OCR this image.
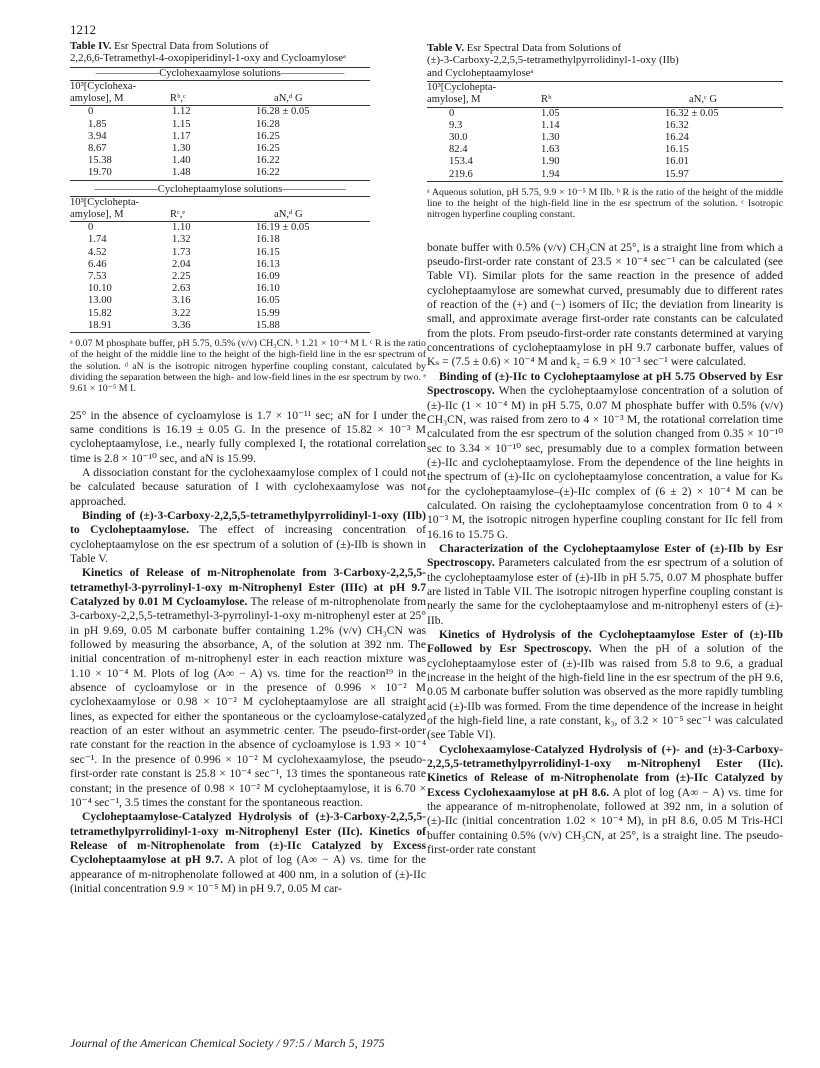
1212
Table IV. Esr Spectral Data from Solutions of
2,2,6,6-Tetramethyl-4-oxopiperidinyl-1-oxy and Cycloamyloseᵃ

——————Cyclohexaamylose solutions——————		
10³[Cyclohexa-
amylose], M	Rᵇ,ᶜ	aN,ᵈ G

0	1.12	16.28 ± 0.05
1.85	1.15	16.28
3.94	1.17	16.25
8.67	1.30	16.25
15.38	1.40	16.22
19.70	1.48	16.22

——————Cycloheptaamylose solutions——————		
10³[Cyclohepta-
amylose], M	Rᶜ,ᵉ	aN,ᵈ G

0	1.10	16.19 ± 0.05
1.74	1.32	16.18
4.52	1.73	16.15
6.46	2.04	16.13
7.53	2.25	16.09
10.10	2.63	16.10
13.00	3.16	16.05
15.82	3.22	15.99
18.91	3.36	15.88

ᵃ 0.07 M phosphate buffer, pH 5.75, 0.5% (v/v) CH₃CN. ᵇ 1.21 × 10⁻⁴ M I. ᶜ R is the ratio of the height of the middle line to the height of the high-field line in the esr spectrum of the solution. ᵈ aN is the isotropic nitrogen hyperfine coupling constant, calculated by dividing the separation between the high- and low-field lines in the esr spectrum by two. ᵉ 9.61 × 10⁻⁵ M I.

25° in the absence of cycloamylose is 1.7 × 10⁻¹¹ sec; aN for I under the same conditions is 16.19 ± 0.05 G. In the presence of 15.82 × 10⁻³ M cycloheptaamylose, i.e., nearly fully complexed I, the rotational correlation time is 2.8 × 10⁻¹⁰ sec, and aN is 15.99.

A dissociation constant for the cyclohexaamylose complex of I could not be calculated because saturation of I with cyclohexaamylose was not approached.

Binding of (±)-3-Carboxy-2,2,5,5-tetramethylpyrrolidinyl-1-oxy (IIb) to Cycloheptaamylose. The effect of increasing concentration of cycloheptaamylose on the esr spectrum of a solution of (±)-IIb is shown in Table V.

Kinetics of Release of m-Nitrophenolate from 3-Carboxy-2,2,5,5-tetramethyl-3-pyrrolinyl-1-oxy m-Nitrophenyl Ester (IIIc) at pH 9.7 Catalyzed by 0.01 M Cycloamylose. The release of m-nitrophenolate from 3-carboxy-2,2,5,5-tetramethyl-3-pyrrolinyl-1-oxy m-nitrophenyl ester at 25° in pH 9.69, 0.05 M carbonate buffer containing 1.2% (v/v) CH₃CN was followed by measuring the absorbance, A, of the solution at 392 nm. The initial concentration of m-nitrophenyl ester in each reaction mixture was 1.10 × 10⁻⁴ M. Plots of log (A∞ − A) vs. time for the reaction¹⁹ in the absence of cycloamylose or in the presence of 0.996 × 10⁻² M cyclohexaamylose or 0.98 × 10⁻² M cycloheptaamylose are all straight lines, as expected for either the spontaneous or the cycloamylose-catalyzed reaction of an ester without an asymmetric center. The pseudo-first-order rate constant for the reaction in the absence of cycloamylose is 1.93 × 10⁻⁴ sec⁻¹. In the presence of 0.996 × 10⁻² M cyclohexaamylose, the pseudo-first-order rate constant is 25.8 × 10⁻⁴ sec⁻¹, 13 times the spontaneous rate constant; in the presence of 0.98 × 10⁻² M cycloheptaamylose, it is 6.70 × 10⁻⁴ sec⁻¹, 3.5 times the constant for the spontaneous reaction.

Cycloheptaamylose-Catalyzed Hydrolysis of (±)-3-Carboxy-2,2,5,5-tetramethylpyrrolidinyl-1-oxy m-Nitrophenyl Ester (IIc). Kinetics of Release of m-Nitrophenolate from (±)-IIc Catalyzed by Excess Cycloheptaamylose at pH 9.7. A plot of log (A∞ − A) vs. time for the appearance of m-nitrophenolate followed at 400 nm, in a solution of (±)-IIc (initial concentration 9.9 × 10⁻⁵ M) in pH 9.7, 0.05 M car-

Table V. Esr Spectral Data from Solutions of
(±)-3-Carboxy-2,2,5,5-tetramethylpyrrolidinyl-1-oxy (IIb)
and Cycloheptaamyloseᵃ

10³[Cyclohepta-
amylose], M	Rᵇ	aN,ᶜ G

0	1.05	16.32 ± 0.05
9.3	1.14	16.32
30.0	1.30	16.24
82.4	1.63	16.15
153.4	1.90	16.01
219.6	1.94	15.97

ᵃ Aqueous solution, pH 5.75, 9.9 × 10⁻⁵ M IIb. ᵇ R is the ratio of the height of the middle line to the height of the high-field line in the esr spectrum of the solution. ᶜ Isotropic nitrogen hyperfine coupling constant.

bonate buffer with 0.5% (v/v) CH₃CN at 25°, is a straight line from which a pseudo-first-order rate constant of 23.5 × 10⁻⁴ sec⁻¹ can be calculated (see Table VI). Similar plots for the same reaction in the presence of added cycloheptaamylose are somewhat curved, presumably due to different rates of reaction of the (+) and (−) isomers of IIc; the deviation from linearity is small, and approximate average first-order rate constants can be calculated from the plots. From pseudo-first-order rate constants determined at varying concentrations of cycloheptaamylose in pH 9.7 carbonate buffer, values of Kₛ = (7.5 ± 0.6) × 10⁻⁴ M and k₂ = 6.9 × 10⁻³ sec⁻¹ were calculated.

Binding of (±)-IIc to Cycloheptaamylose at pH 5.75 Observed by Esr Spectroscopy. When the cycloheptaamylose concentration of a solution of (±)-IIc (1 × 10⁻⁴ M) in pH 5.75, 0.07 M phosphate buffer with 0.5% (v/v) CH₃CN, was raised from zero to 4 × 10⁻³ M, the rotational correlation time calculated from the esr spectrum of the solution changed from 0.35 × 10⁻¹⁰ sec to 3.34 × 10⁻¹⁰ sec, presumably due to a complex formation between (±)-IIc and cycloheptaamylose. From the dependence of the line heights in the spectrum of (±)-IIc on cycloheptaamylose concentration, a value for Kₛ for the cycloheptaamylose–(±)-IIc complex of (6 ± 2) × 10⁻⁴ M can be calculated. On raising the cycloheptaamylose concentration from 0 to 4 × 10⁻³ M, the isotropic nitrogen hyperfine coupling constant for IIc fell from 16.16 to 15.75 G.

Characterization of the Cycloheptaamylose Ester of (±)-IIb by Esr Spectroscopy. Parameters calculated from the esr spectrum of a solution of the cycloheptaamylose ester of (±)-IIb in pH 5.75, 0.07 M phosphate buffer are listed in Table VII. The isotropic nitrogen hyperfine coupling constant is nearly the same for the cycloheptaamylose and m-nitrophenyl esters of (±)-IIb.

Kinetics of Hydrolysis of the Cycloheptaamylose Ester of (±)-IIb Followed by Esr Spectroscopy. When the pH of a solution of the cycloheptaamylose ester of (±)-IIb was raised from 5.8 to 9.6, a gradual increase in the height of the high-field line in the esr spectrum of the pH 9.6, 0.05 M carbonate buffer solution was observed as the more rapidly tumbling acid (±)-IIb was formed. From the time dependence of the increase in height of the high-field line, a rate constant, k₃, of 3.2 × 10⁻⁵ sec⁻¹ was calculated (see Table VI).

Cyclohexaamylose-Catalyzed Hydrolysis of (+)- and (±)-3-Carboxy-2,2,5,5-tetramethylpyrrolidinyl-1-oxy m-Nitrophenyl Ester (IIc). Kinetics of Release of m-Nitrophenolate from (±)-IIc Catalyzed by Excess Cyclohexaamylose at pH 8.6. A plot of log (A∞ − A) vs. time for the appearance of m-nitrophenolate, followed at 392 nm, in a solution of (±)-IIc (initial concentration 1.02 × 10⁻⁴ M), in pH 8.6, 0.05 M Tris-HCl buffer containing 0.5% (v/v) CH₃CN, at 25°, is a straight line. The pseudo-first-order rate constant

Journal of the American Chemical Society / 97:5 / March 5, 1975
